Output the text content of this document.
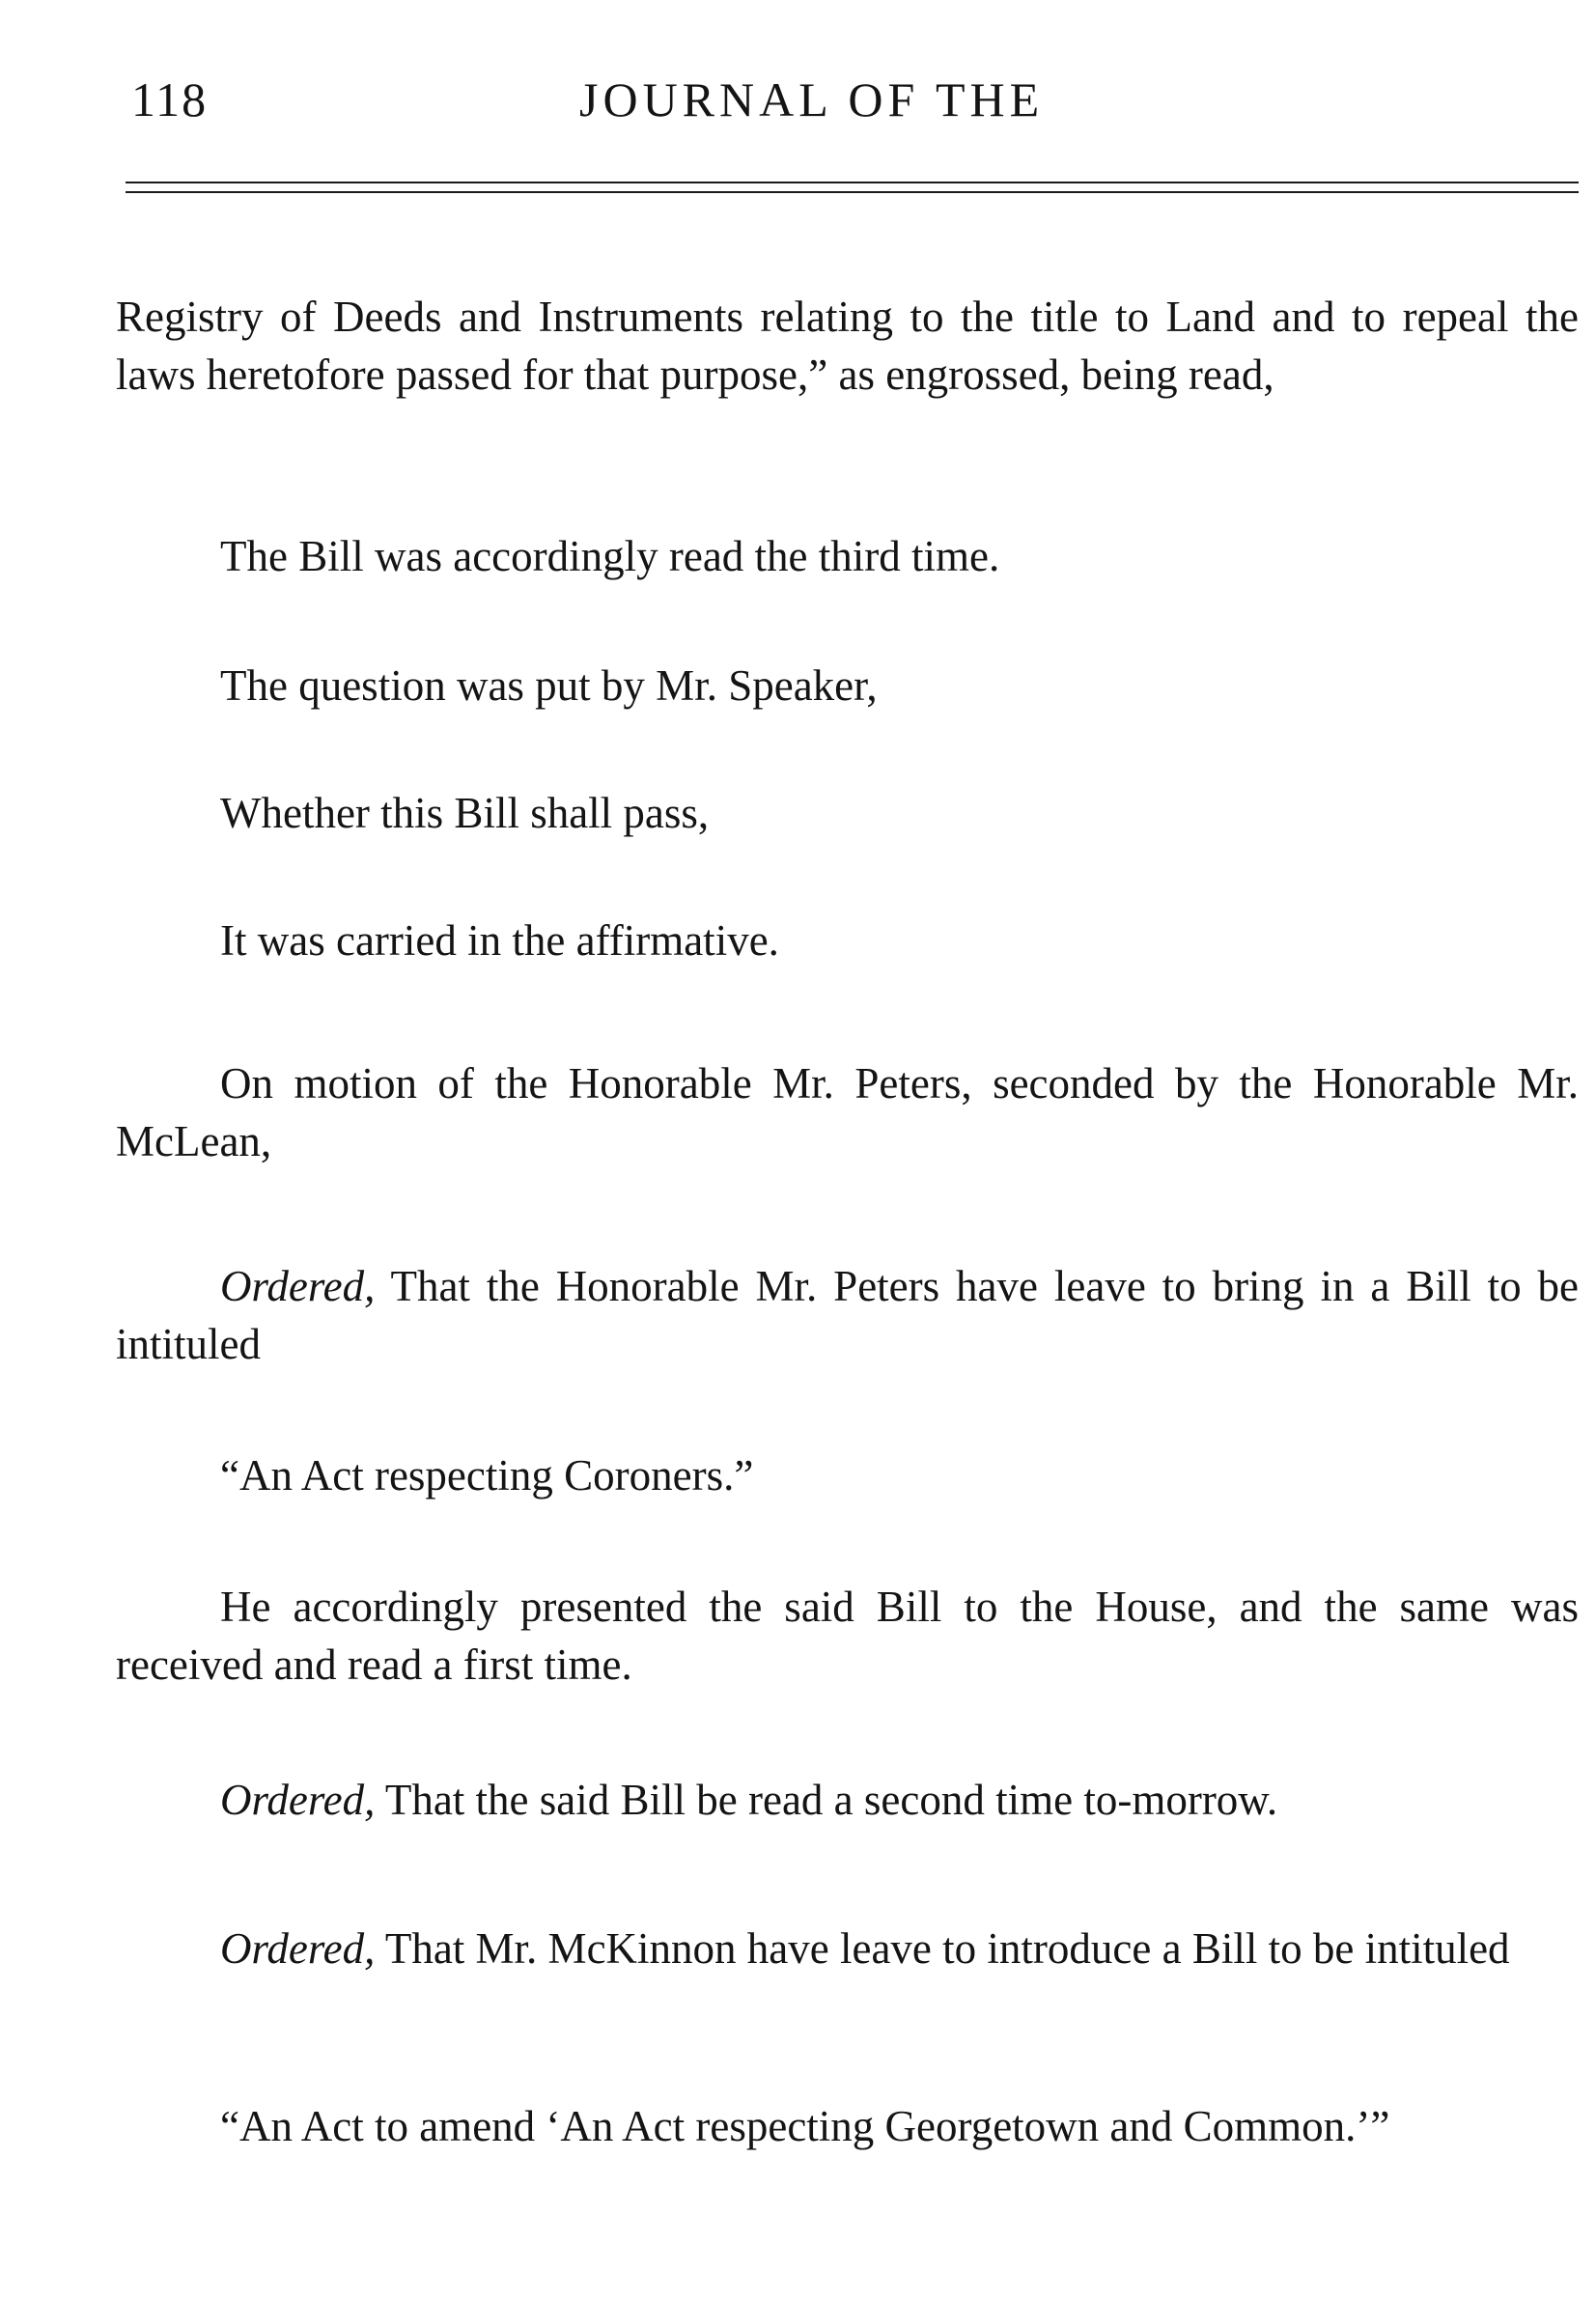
118	JOURNAL OF THE

Registry of Deeds and Instruments relating to the title to Land and to repeal the laws heretofore passed for that purpose,” as engrossed, being read,

The Bill was accordingly read the third time.

The question was put by Mr. Speaker,

Whether this Bill shall pass,

It was carried in the affirmative.

On motion of the Honorable Mr. Peters, seconded by the Honorable Mr. McLean,

Ordered, That the Honorable Mr. Peters have leave to bring in a Bill to be intituled

“An Act respecting Coroners.”

He accordingly presented the said Bill to the House, and the same was received and read a first time.

Ordered, That the said Bill be read a second time to-morrow.

Ordered, That Mr. McKinnon have leave to introduce a Bill to be intituled

“An Act to amend ‘An Act respecting Georgetown and Common.’”
